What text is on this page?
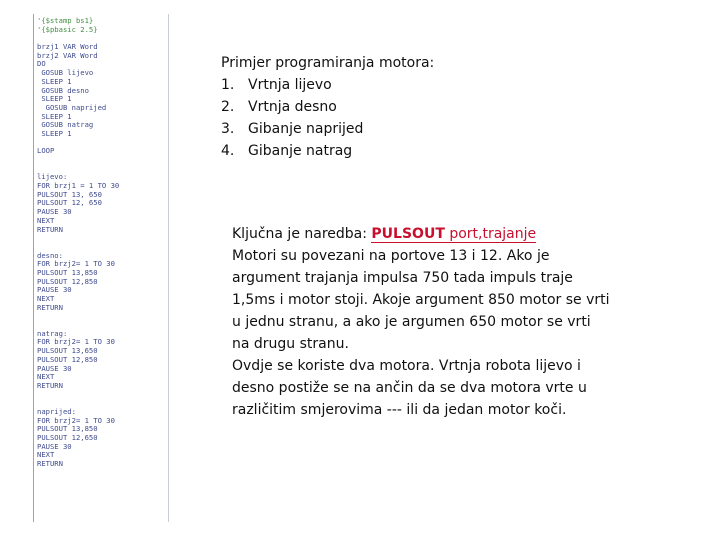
'{$stamp bs1}
'{$pbasic 2.5}
brzj1 VAR Word
brzj2 VAR Word
DO
GOSUB lijevo
SLEEP 1
GOSUB desno
SLEEP 1
GOSUB naprijed
SLEEP 1
GOSUB natrag
SLEEP 1
LOOP
lijevo:
FOR brzj1 = 1 TO 30
PULSOUT 13, 650
PULSOUT 12, 650
PAUSE 30
NEXT
RETURN
desno:
FOR brzj2= 1 TO 30
PULSOUT 13,850
PULSOUT 12,850
PAUSE 30
NEXT
RETURN
natrag:
FOR brzj2= 1 TO 30
PULSOUT 13,650
PULSOUT 12,850
PAUSE 30
NEXT
RETURN
naprijed:
FOR brzj2= 1 TO 30
PULSOUT 13,850
PULSOUT 12,650
PAUSE 30
NEXT
RETURN

Primjer programiranja motora:

1. Vrtnja lijevo
2. Vrtnja desno
3. Gibanje naprijed
4. Gibanje natrag

Ključna je naredba: PULSOUT port,trajanje

Motori su povezani na portove 13 i 12. Ako je argument trajanja impulsa 750 tada impuls traje 1,5ms i motor stoji. Akoje argument 850 motor se vrti u jednu stranu, a ako je argumen 650 motor se vrti na drugu stranu.

Ovdje se koriste dva motora. Vrtnja robota lijevo i desno postiže se na ančin da se dva motora vrte u različitim smjerovima --- ili da jedan motor koči.
